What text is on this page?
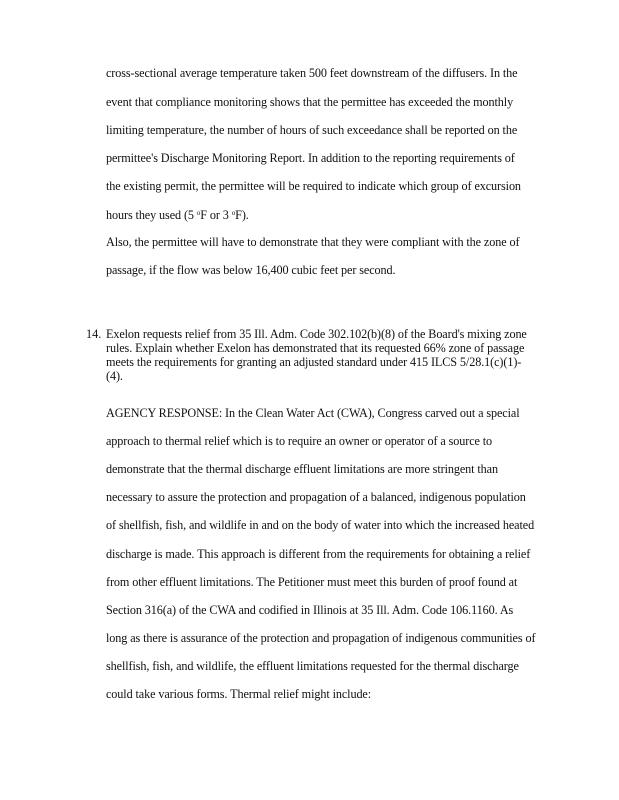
cross-sectional average temperature taken 500 feet downstream of the diffusers. In the
event that compliance monitoring shows that the permittee has exceeded the monthly
limiting temperature, the number of hours of such exceedance shall be reported on the
permittee's Discharge Monitoring Report. In addition to the reporting requirements of
the existing permit, the permittee will be required to indicate which group of excursion
hours they used (5 $^o$F or 3 $^o$F).
Also, the permittee will have to demonstrate that they were compliant with the zone of
passage, if the flow was below 16,400 cubic feet per second.
14. Exelon requests relief from 35 Ill. Adm. Code 302.102(b)(8) of the Board's mixing zone
rules. Explain whether Exelon has demonstrated that its requested 66% zone of passage
meets the requirements for granting an adjusted standard under 415 ILCS 5/28.1(c)(1)-
(4).
AGENCY RESPONSE: In the Clean Water Act (CWA), Congress carved out a special
approach to thermal relief which is to require an owner or operator of a source to
demonstrate that the thermal discharge effluent limitations are more stringent than
necessary to assure the protection and propagation of a balanced, indigenous population
of shellfish, fish, and wildlife in and on the body of water into which the increased heated
discharge is made. This approach is different from the requirements for obtaining a relief
from other effluent limitations. The Petitioner must meet this burden of proof found at
Section 316(a) of the CWA and codified in Illinois at 35 Ill. Adm. Code 106.1160. As
long as there is assurance of the protection and propagation of indigenous communities of
shellfish, fish, and wildlife, the effluent limitations requested for the thermal discharge
could take various forms. Thermal relief might include:
